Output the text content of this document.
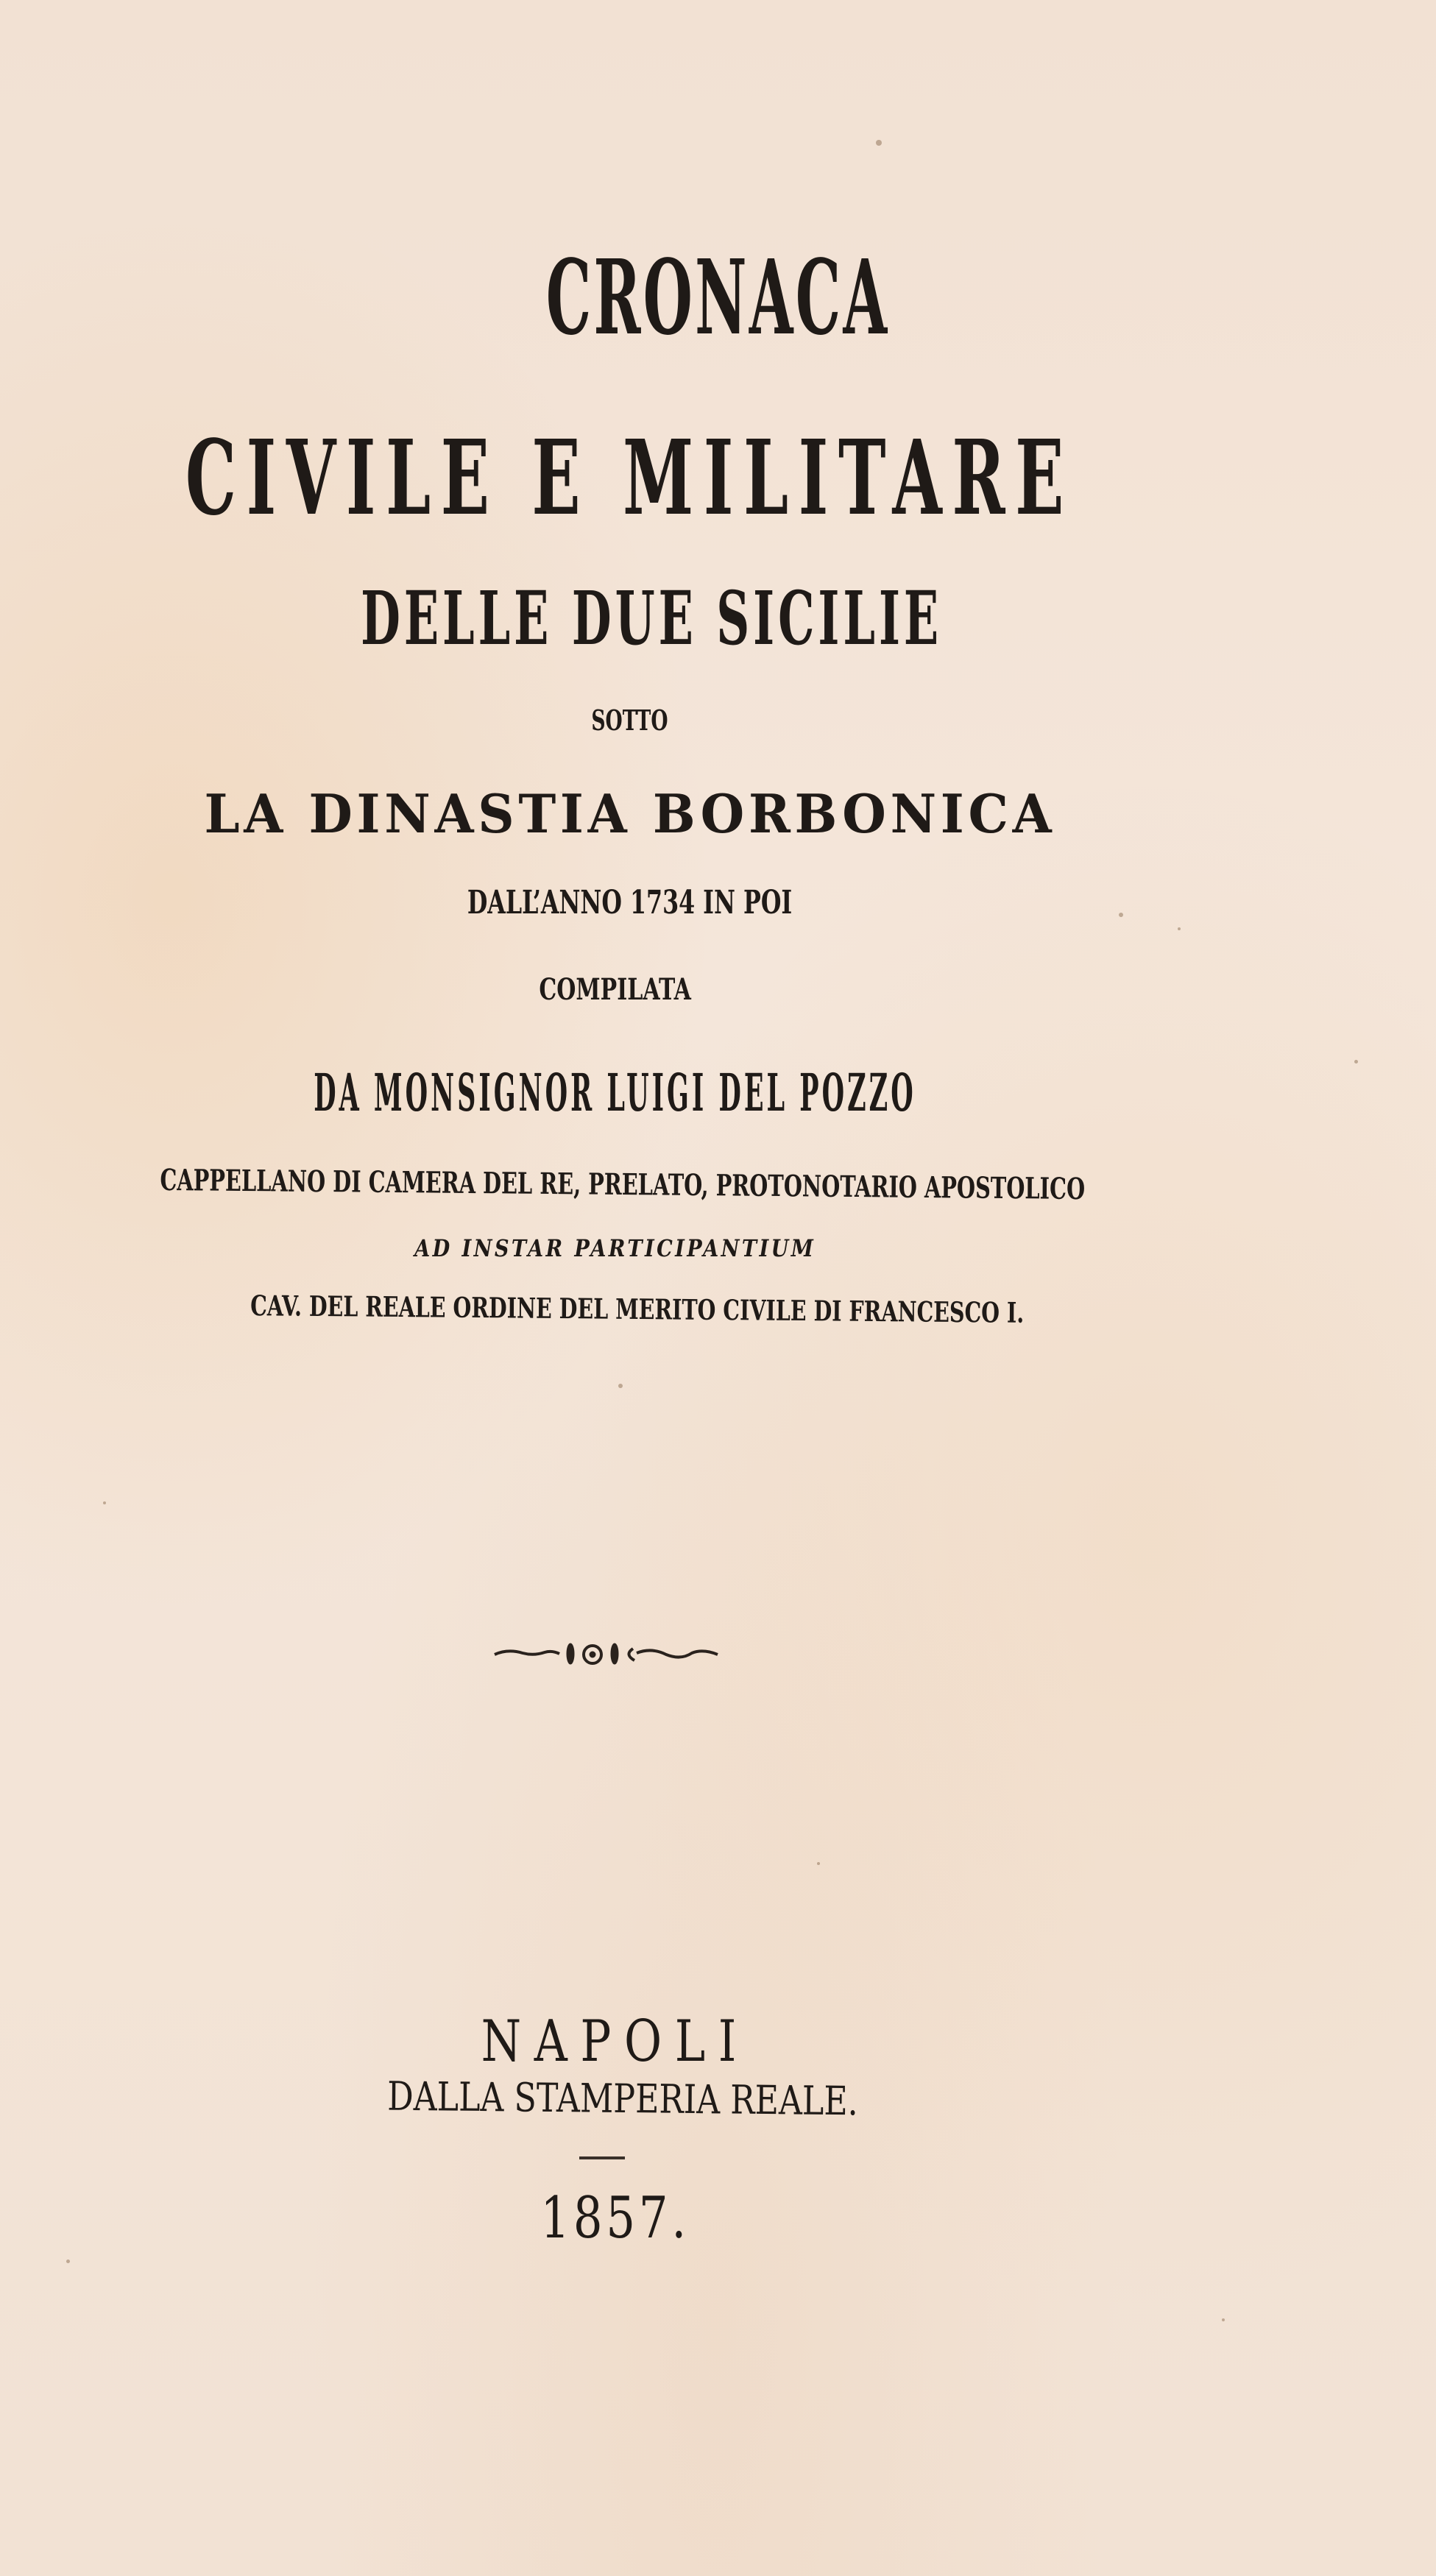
CRONACA
CIVILE E MILITARE
DELLE DUE SICILIE
SOTTO
LA DINASTIA BORBONICA
DALL’ANNO 1734 IN POI
COMPILATA
DA MONSIGNOR LUIGI DEL POZZO
CAPPELLANO DI CAMERA DEL RE, PRELATO, PROTONOTARIO APOSTOLICO
AD INSTAR PARTICIPANTIUM
CAV. DEL REALE ORDINE DEL MERITO CIVILE DI FRANCESCO I.
NAPOLI
DALLA STAMPERIA REALE.
1857.
